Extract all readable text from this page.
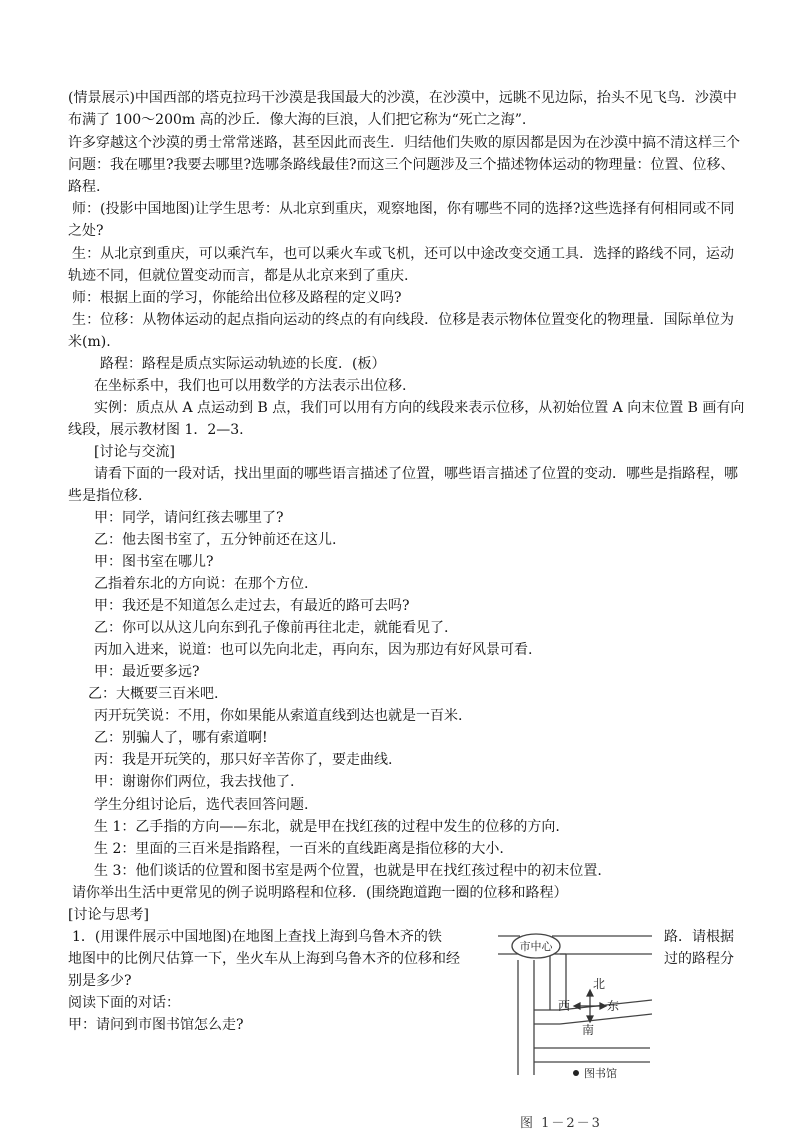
(情景展示)中国西部的塔克拉玛干沙漠是我国最大的沙漠，在沙漠中，远眺不见边际，抬头不见飞鸟．沙漠中
布满了 100～200m 高的沙丘．像大海的巨浪，人们把它称为“死亡之海”.
许多穿越这个沙漠的勇士常常迷路，甚至因此而丧生．归结他们失败的原因都是因为在沙漠中搞不清这样三个
问题：我在哪里?我要去哪里?选哪条路线最佳?而这三个问题涉及三个描述物体运动的物理量：位置、位移、
路程.
师：(投影中国地图)让学生思考：从北京到重庆，观察地图，你有哪些不同的选择?这些选择有何相同或不同
之处?
生：从北京到重庆，可以乘汽车，也可以乘火车或飞机，还可以中途改变交通工具．选择的路线不同，运动
轨迹不同，但就位置变动而言，都是从北京来到了重庆.
师：根据上面的学习，你能给出位移及路程的定义吗?
生：位移：从物体运动的起点指向运动的终点的有向线段．位移是表示物体位置变化的物理量．国际单位为
米(m).
路程：路程是质点实际运动轨迹的长度．(板）
在坐标系中，我们也可以用数学的方法表示出位移.
实例：质点从 A 点运动到 B 点，我们可以用有方向的线段来表示位移，从初始位置 A 向末位置 B 画有向
线段，展示教材图 1．2—3.
[讨论与交流]
请看下面的一段对话，找出里面的哪些语言描述了位置，哪些语言描述了位置的变动．哪些是指路程，哪
些是指位移.
甲：同学，请问红孩去哪里了?
乙：他去图书室了，五分钟前还在这儿.
甲：图书室在哪儿?
乙指着东北的方向说：在那个方位.
甲：我还是不知道怎么走过去，有最近的路可去吗?
乙：你可以从这儿向东到孔子像前再往北走，就能看见了.
丙加入进来，说道：也可以先向北走，再向东，因为那边有好风景可看.
甲：最近要多远?
乙：大概要三百米吧.
丙开玩笑说：不用，你如果能从索道直线到达也就是一百米.
乙：别骗人了，哪有索道啊!
丙：我是开玩笑的，那只好辛苦你了，要走曲线.
甲：谢谢你们两位，我去找他了.
学生分组讨论后，选代表回答问题.
生 1：乙手指的方向——东北，就是甲在找红孩的过程中发生的位移的方向.
生 2：里面的三百米是指路程，一百米的直线距离是指位移的大小.
生 3：他们谈话的位置和图书室是两个位置，也就是甲在找红孩过程中的初末位置.
请你举出生活中更常见的例子说明路程和位移．(围绕跑道跑一圈的位移和路程）
[讨论与思考]
1．(用课件展示中国地图)在地图上查找上海到乌鲁木齐的铁	路．请根据
地图中的比例尺估算一下，坐火车从上海到乌鲁木齐的位移和经	过的路程分
别是多少?
阅读下面的对话：
甲：请问到市图书馆怎么走?
市中心
北
西	东
南
图书馆
图 1－2－3
